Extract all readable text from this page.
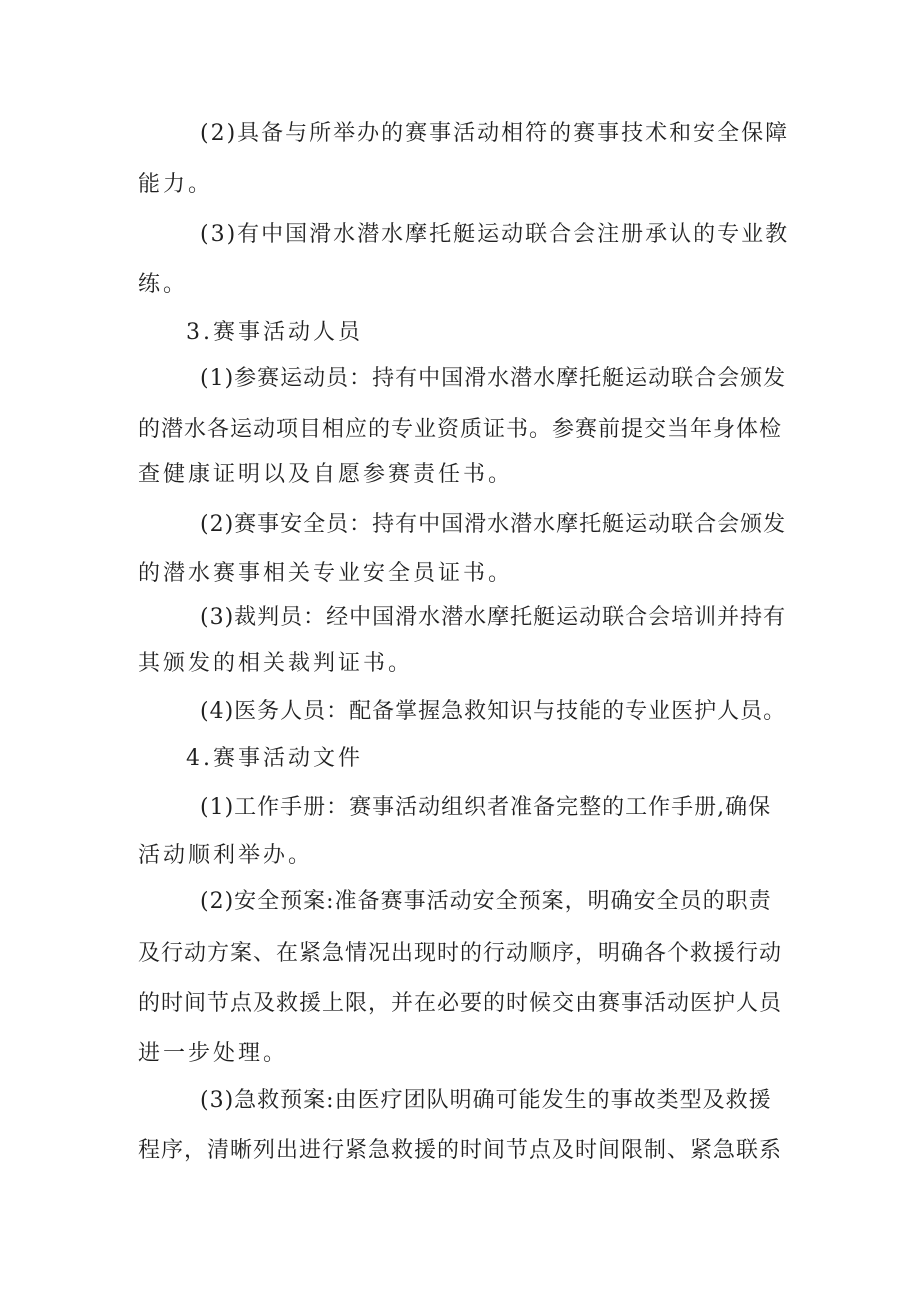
(2)具备与所举办的赛事活动相符的赛事技术和安全保障
能力。
(3)有中国滑水潜水摩托艇运动联合会注册承认的专业教
练。
3.赛事活动人员
(1)参赛运动员：持有中国滑水潜水摩托艇运动联合会颁发
的潜水各运动项目相应的专业资质证书。参赛前提交当年身体检
查健康证明以及自愿参赛责任书。
(2)赛事安全员：持有中国滑水潜水摩托艇运动联合会颁发
的潜水赛事相关专业安全员证书。
(3)裁判员：经中国滑水潜水摩托艇运动联合会培训并持有
其颁发的相关裁判证书。
(4)医务人员：配备掌握急救知识与技能的专业医护人员。
4.赛事活动文件
(1)工作手册：赛事活动组织者准备完整的工作手册,确保
活动顺利举办。
(2)安全预案:准备赛事活动安全预案，明确安全员的职责
及行动方案、在紧急情况出现时的行动顺序，明确各个救援行动
的时间节点及救援上限，并在必要的时候交由赛事活动医护人员
进一步处理。
(3)急救预案:由医疗团队明确可能发生的事故类型及救援
程序，清晰列出进行紧急救援的时间节点及时间限制、紧急联系
